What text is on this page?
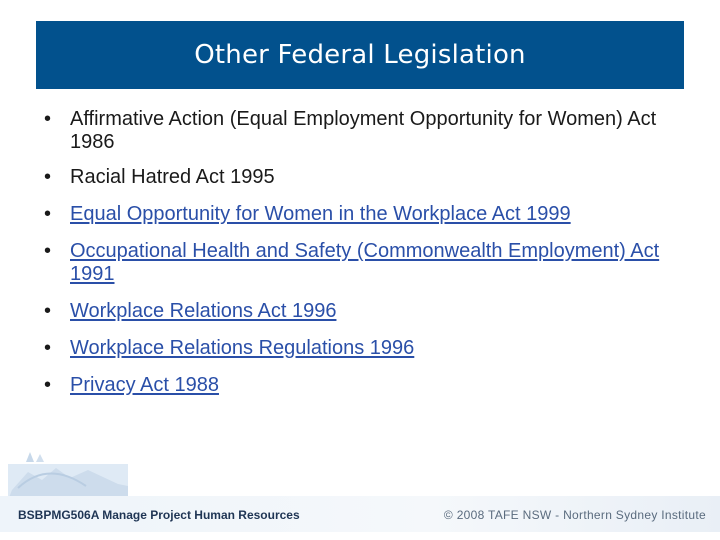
Other Federal Legislation
• Affirmative Action (Equal Employment Opportunity for Women) Act 1986
• Racial Hatred Act 1995
• Equal Opportunity for Women in the Workplace Act 1999
• Occupational Health and Safety (Commonwealth Employment) Act 1991
• Workplace Relations Act 1996
• Workplace Relations Regulations 1996
• Privacy Act 1988
BSBPMG506A Manage Project Human Resources	© 2008 TAFE NSW - Northern Sydney Institute
